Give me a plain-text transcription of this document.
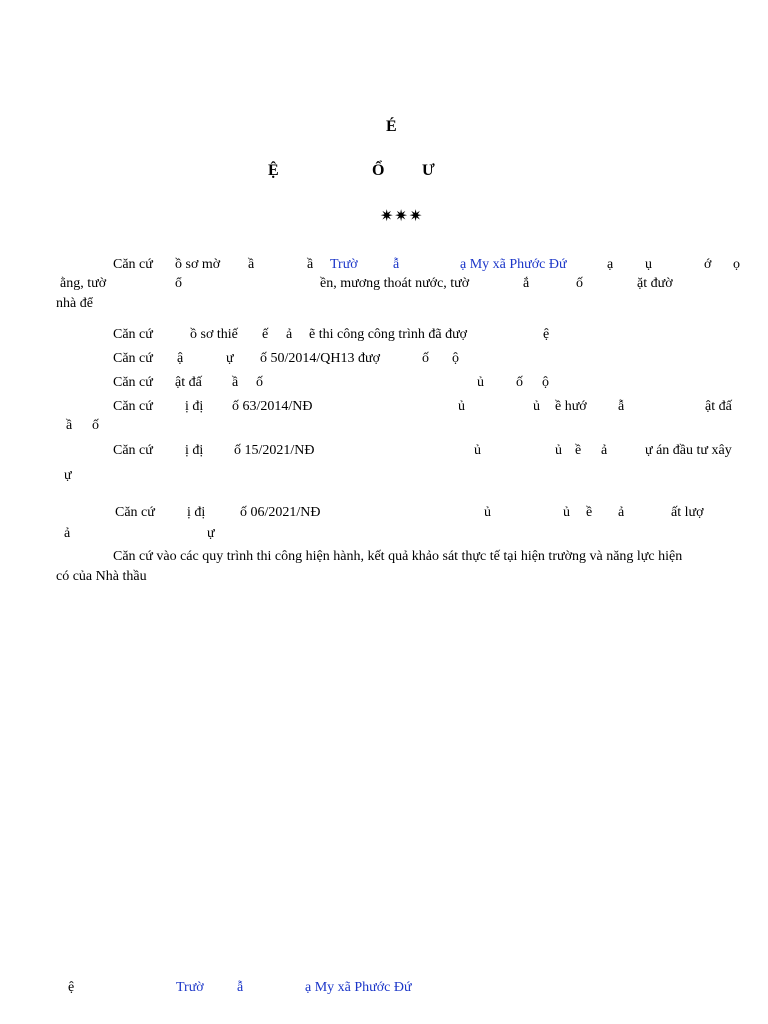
É
Ệ	Ổ Ư
✷✷✷
Căn cứ ồ sơ mờ ầ	ầ Trườ	ẫ	ạ My xã Phước Đứ	ạ ụ	ớ ọ
ằng, tườ	ổ	ền, mương thoát nước, tườ	ắ	ố	ặt đườ
nhà để
Căn cứ	ồ sơ thiế ế ả ẽ thi công công trình đã đượ	ệ
Căn cứ ậ	ự ố 50/2014/QH13 đượ	ố ộ
Căn cứ ật đấ ầ ố	ủ ố ộ
Căn cứ ị đị ố 63/2014/NĐ	ủ	ủ ề hướ ẫ	ật đấ
ầ ố
Căn cứ ị đị ố 15/2021/NĐ	ủ	ủ ề ả	ự án đầu tư xây
ự
Căn cứ ị đị ố 06/2021/NĐ	ủ	ủ ề ả	ất lượ
ả	ự
Căn cứ vào các quy trình thi công hiện hành, kết quả khảo sát thực tế tại hiện trường và năng lực hiện
có của Nhà thầu
ệ	Trườ ẫ	ạ My xã Phước Đứ
